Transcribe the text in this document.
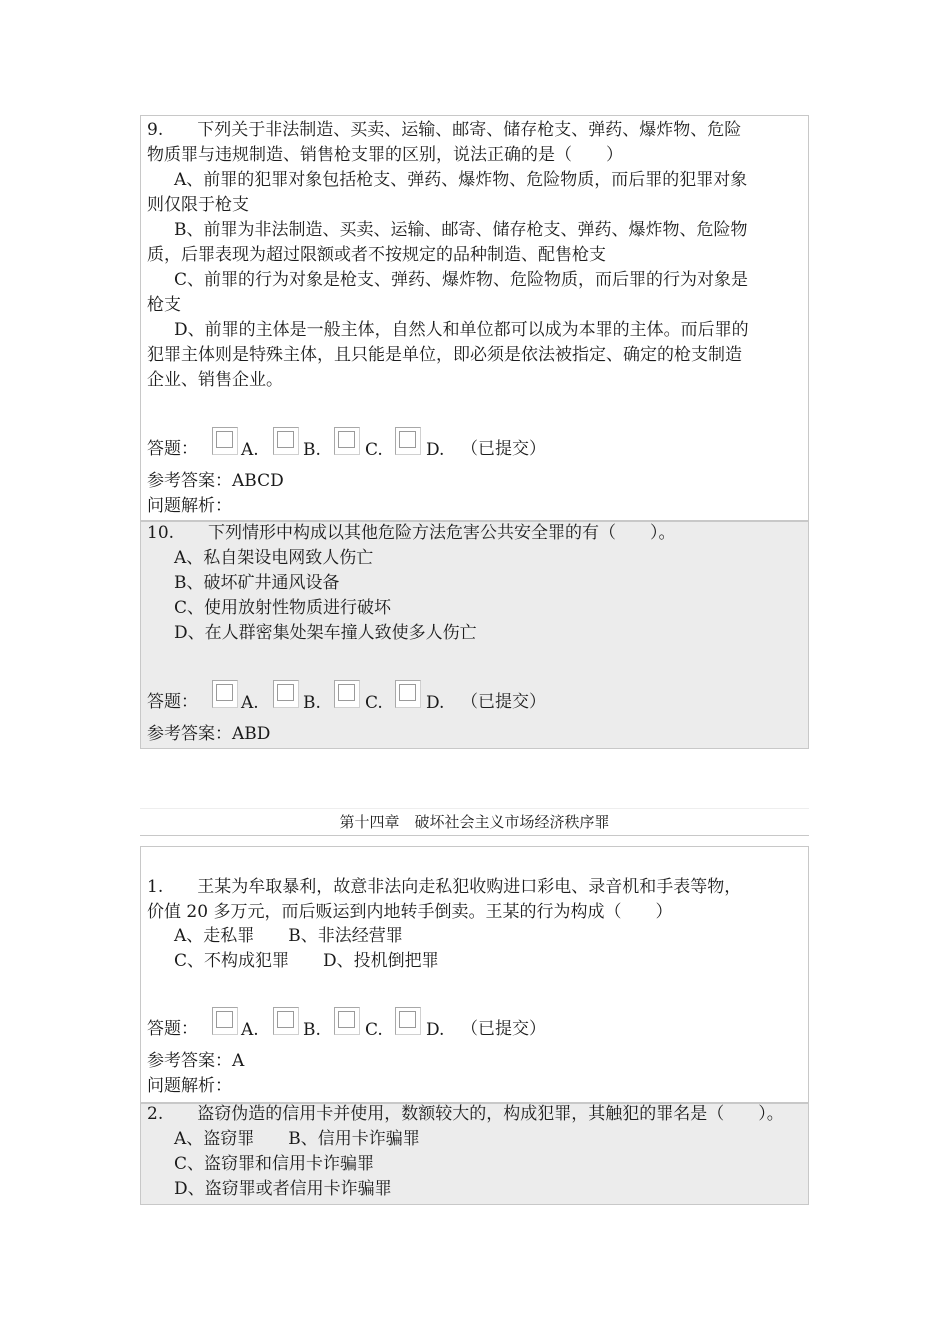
9.　　下列关于非法制造、买卖、运输、邮寄、储存枪支、弹药、爆炸物、危险
物质罪与违规制造、销售枪支罪的区别，说法正确的是（　　）
A、前罪的犯罪对象包括枪支、弹药、爆炸物、危险物质，而后罪的犯罪对象
则仅限于枪支
B、前罪为非法制造、买卖、运输、邮寄、储存枪支、弹药、爆炸物、危险物
质，后罪表现为超过限额或者不按规定的品种制造、配售枪支
C、前罪的行为对象是枪支、弹药、爆炸物、危险物质，而后罪的行为对象是
枪支
D、前罪的主体是一般主体，自然人和单位都可以成为本罪的主体。而后罪的
犯罪主体则是特殊主体，且只能是单位，即必须是依法被指定、确定的枪支制造
企业、销售企业。
答题：	A.	B.	C.	D. （已提交）
参考答案：ABCD
问题解析：
10.　　下列情形中构成以其他危险方法危害公共安全罪的有（　　）。
A、私自架设电网致人伤亡
B、破坏矿井通风设备
C、使用放射性物质进行破坏
D、在人群密集处架车撞人致使多人伤亡
答题：	A.	B.	C.	D. （已提交）
参考答案：ABD
第十四章　破坏社会主义市场经济秩序罪
1.　　王某为牟取暴利，故意非法向走私犯收购进口彩电、录音机和手表等物，
价值 20 多万元，而后贩运到内地转手倒卖。王某的行为构成（　　）
A、走私罪　　B、非法经营罪
C、不构成犯罪　　D、投机倒把罪
答题：	A.	B.	C.	D. （已提交）
参考答案：A
问题解析：
2.　　盗窃伪造的信用卡并使用，数额较大的，构成犯罪，其触犯的罪名是（　　）。
A、盗窃罪　　B、信用卡诈骗罪
C、盗窃罪和信用卡诈骗罪
D、盗窃罪或者信用卡诈骗罪
